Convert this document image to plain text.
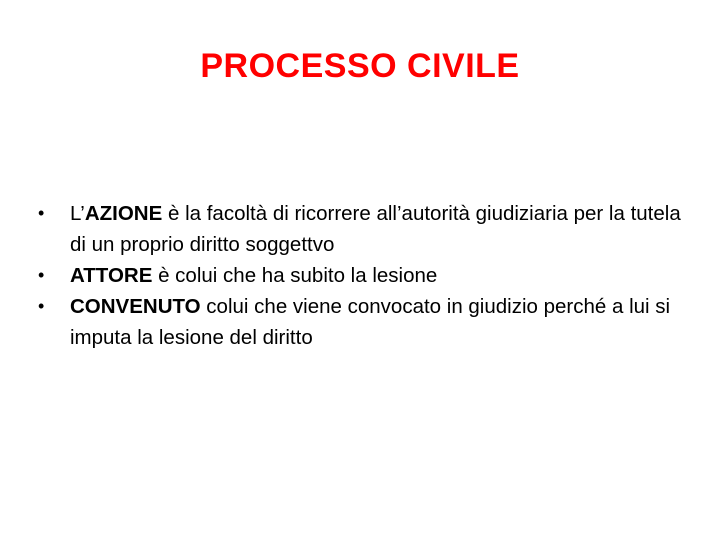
PROCESSO CIVILE
• L’AZIONE è la facoltà di ricorrere all’autorità giudiziaria per la tutela di un proprio diritto soggettvo
• ATTORE è colui che ha subito la lesione
• CONVENUTO colui che viene convocato in giudizio perché a lui si imputa la lesione del diritto
